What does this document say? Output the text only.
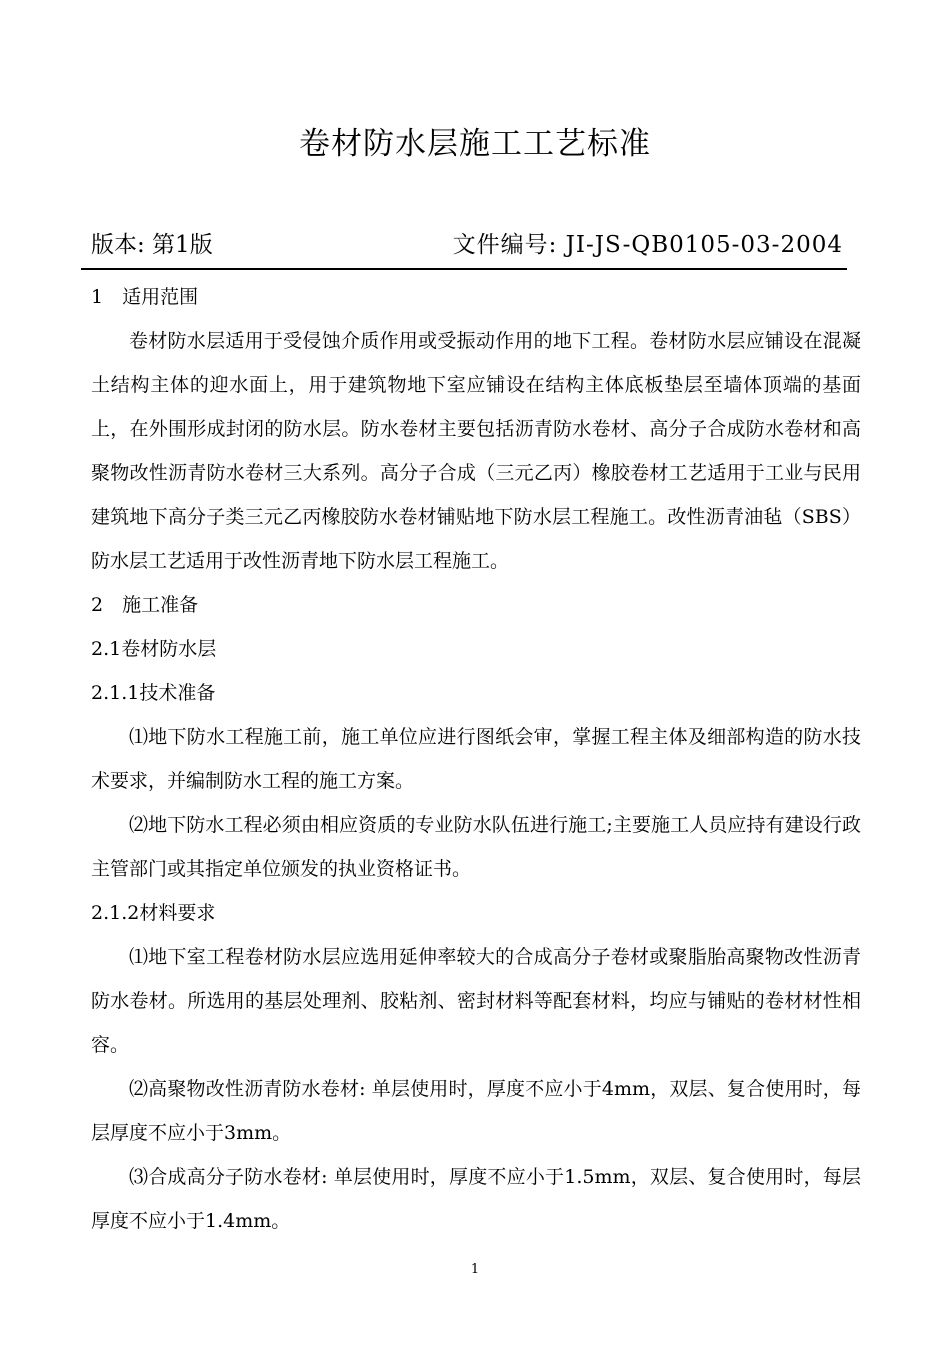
卷材防水层施工工艺标准
版本: 第1版	文件编号: JI-JS-QB0105-03-2004

1　适用范围

卷材防水层适用于受侵蚀介质作用或受振动作用的地下工程。卷材防水层应铺设在混凝土结构主体的迎水面上，用于建筑物地下室应铺设在结构主体底板垫层至墙体顶端的基面上，在外围形成封闭的防水层。防水卷材主要包括沥青防水卷材、高分子合成防水卷材和高聚物改性沥青防水卷材三大系列。高分子合成（三元乙丙）橡胶卷材工艺适用于工业与民用建筑地下高分子类三元乙丙橡胶防水卷材铺贴地下防水层工程施工。改性沥青油毡（SBS）防水层工艺适用于改性沥青地下防水层工程施工。

2　施工准备

2.1卷材防水层

2.1.1技术准备

⑴地下防水工程施工前，施工单位应进行图纸会审，掌握工程主体及细部构造的防水技术要求，并编制防水工程的施工方案。

⑵地下防水工程必须由相应资质的专业防水队伍进行施工;主要施工人员应持有建设行政主管部门或其指定单位颁发的执业资格证书。

2.1.2材料要求

⑴地下室工程卷材防水层应选用延伸率较大的合成高分子卷材或聚脂胎高聚物改性沥青防水卷材。所选用的基层处理剂、胶粘剂、密封材料等配套材料，均应与铺贴的卷材材性相容。

⑵高聚物改性沥青防水卷材: 单层使用时，厚度不应小于4mm，双层、复合使用时，每层厚度不应小于3mm。

⑶合成高分子防水卷材: 单层使用时，厚度不应小于1.5mm，双层、复合使用时，每层厚度不应小于1.4mm。

1
